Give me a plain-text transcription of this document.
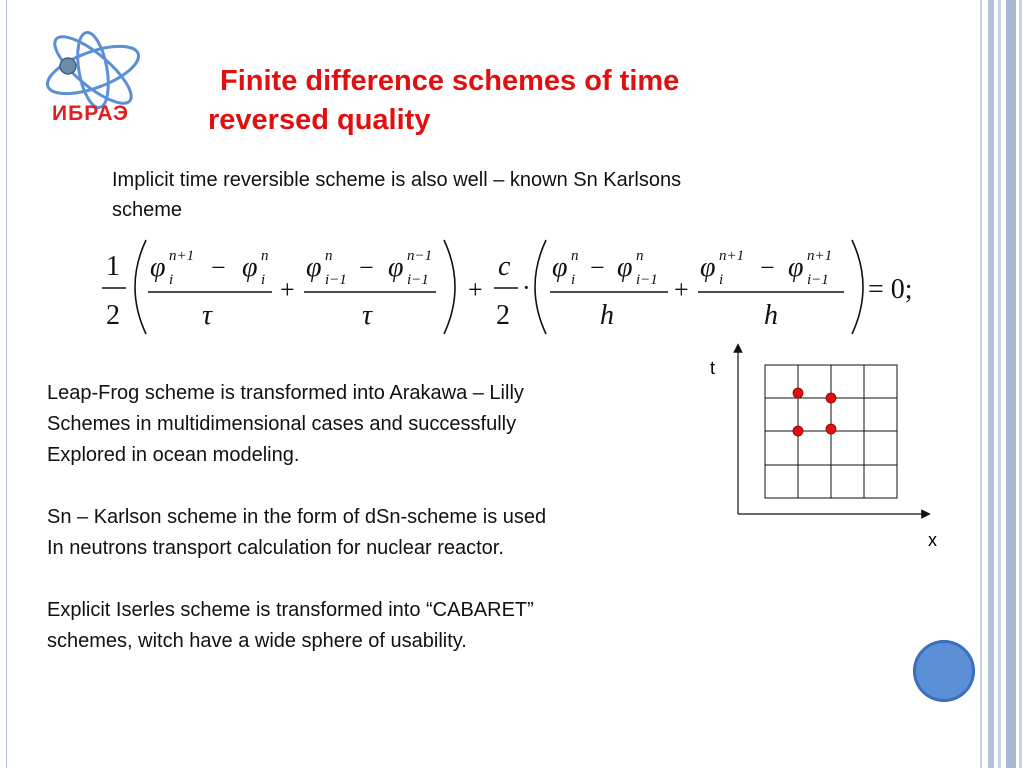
ИБРАЭ
Finite difference schemes of time
reversed quality
Implicit time reversible scheme is also well – known Sn Karlsons
scheme
1
2
φ n+1
i φ n
i
−
τ
+
φ n
i−1 φ n−1
i−1
−
τ
+
c
2
·
φ n
i φ n
i−1
−
h
+
φ n+1
i φ n+1
i−1
−
h
= 0;

Leap-Frog scheme is transformed into Arakawa – Lilly
Schemes in multidimensional cases and successfully
Explored in ocean modeling.

Sn – Karlson scheme in the form of dSn-scheme is used
In neutrons transport calculation for nuclear reactor.

Explicit Iserles scheme is transformed into “CABARET”
schemes, witch have a wide sphere of usability.

t
x
